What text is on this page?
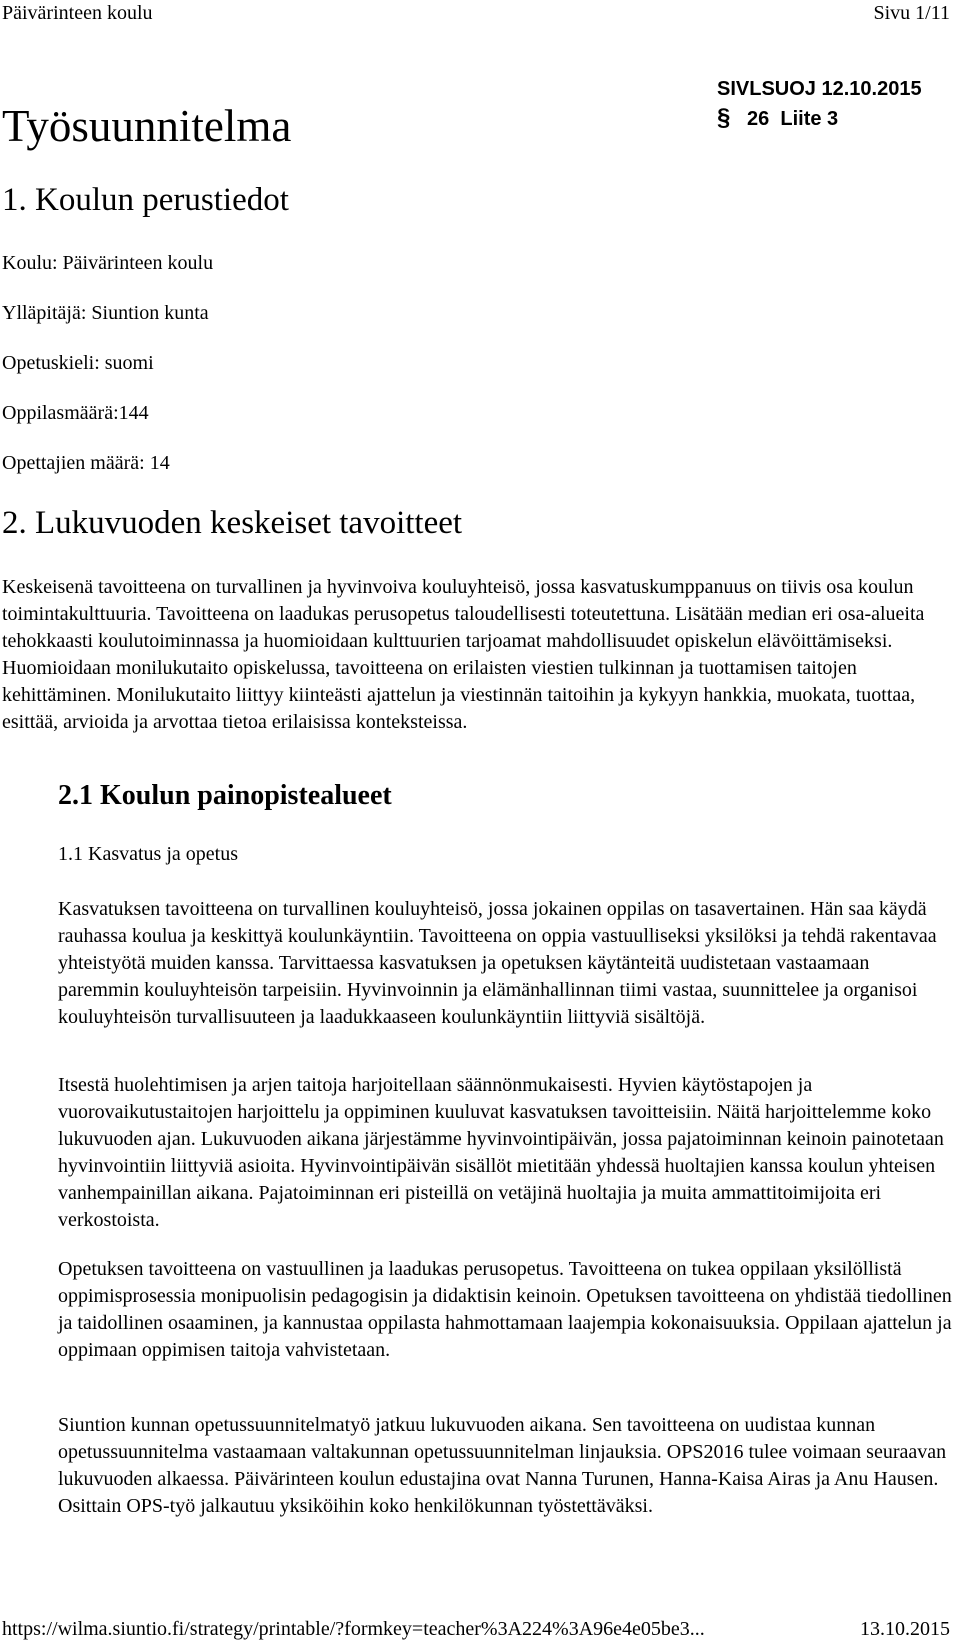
Päivärinteen koulu	Sivu 1/11
SIVLSUOJ 12.10.2015
§ 26  Liite 3
Työsuunnitelma
1. Koulun perustiedot
Koulu: Päivärinteen koulu
Ylläpitäjä: Siuntion kunta
Opetuskieli: suomi
Oppilasmäärä:144
Opettajien määrä: 14
2. Lukuvuoden keskeiset tavoitteet

Keskeisenä tavoitteena on turvallinen ja hyvinvoiva kouluyhteisö, jossa kasvatuskumppanuus on tiivis osa koulun toimintakulttuuria. Tavoitteena on laadukas perusopetus taloudellisesti toteutettuna. Lisätään median eri osa-alueita tehokkaasti koulutoiminnassa ja huomioidaan kulttuurien tarjoamat mahdollisuudet opiskelun elävöittämiseksi. Huomioidaan monilukutaito opiskelussa, tavoitteena on erilaisten viestien tulkinnan ja tuottamisen taitojen kehittäminen. Monilukutaito liittyy kiinteästi ajattelun ja viestinnän taitoihin ja kykyyn hankkia, muokata, tuottaa, esittää, arvioida ja arvottaa tietoa erilaisissa konteksteissa.

2.1 Koulun painopistealueet
1.1 Kasvatus ja opetus

Kasvatuksen tavoitteena on turvallinen kouluyhteisö, jossa jokainen oppilas on tasavertainen. Hän saa käydä rauhassa koulua ja keskittyä koulunkäyntiin. Tavoitteena on oppia vastuulliseksi yksilöksi ja tehdä rakentavaa yhteistyötä muiden kanssa. Tarvittaessa kasvatuksen ja opetuksen käytänteitä uudistetaan vastaamaan paremmin kouluyhteisön tarpeisiin. Hyvinvoinnin ja elämänhallinnan tiimi vastaa, suunnittelee ja organisoi kouluyhteisön turvallisuuteen ja laadukkaaseen koulunkäyntiin liittyviä sisältöjä.

Itsestä huolehtimisen ja arjen taitoja harjoitellaan säännönmukaisesti. Hyvien käytöstapojen ja vuorovaikutustaitojen harjoittelu ja oppiminen kuuluvat kasvatuksen tavoitteisiin. Näitä harjoittelemme koko lukuvuoden ajan. Lukuvuoden aikana järjestämme hyvinvointipäivän, jossa pajatoiminnan keinoin painotetaan hyvinvointiin liittyviä asioita. Hyvinvointipäivän sisällöt mietitään yhdessä huoltajien kanssa koulun yhteisen vanhempainillan aikana. Pajatoiminnan eri pisteillä on vetäjinä huoltajia ja muita ammattitoimijoita eri verkostoista.

Opetuksen tavoitteena on vastuullinen ja laadukas perusopetus. Tavoitteena on tukea oppilaan yksilöllistä oppimisprosessia monipuolisin pedagogisin ja didaktisin keinoin. Opetuksen tavoitteena on yhdistää tiedollinen ja taidollinen osaaminen, ja kannustaa oppilasta hahmottamaan laajempia kokonaisuuksia. Oppilaan ajattelun ja oppimaan oppimisen taitoja vahvistetaan.

Siuntion kunnan opetussuunnitelmatyö jatkuu lukuvuoden aikana. Sen tavoitteena on uudistaa kunnan opetussuunnitelma vastaamaan valtakunnan opetussuunnitelman linjauksia. OPS2016 tulee voimaan seuraavan lukuvuoden alkaessa. Päivärinteen koulun edustajina ovat Nanna Turunen, Hanna-Kaisa Airas ja Anu Hausen. Osittain OPS-työ jalkautuu yksiköihin koko henkilökunnan työstettäväksi.

https://wilma.siuntio.fi/strategy/printable/?formkey=teacher%3A224%3A96e4e05be3...	13.10.2015
